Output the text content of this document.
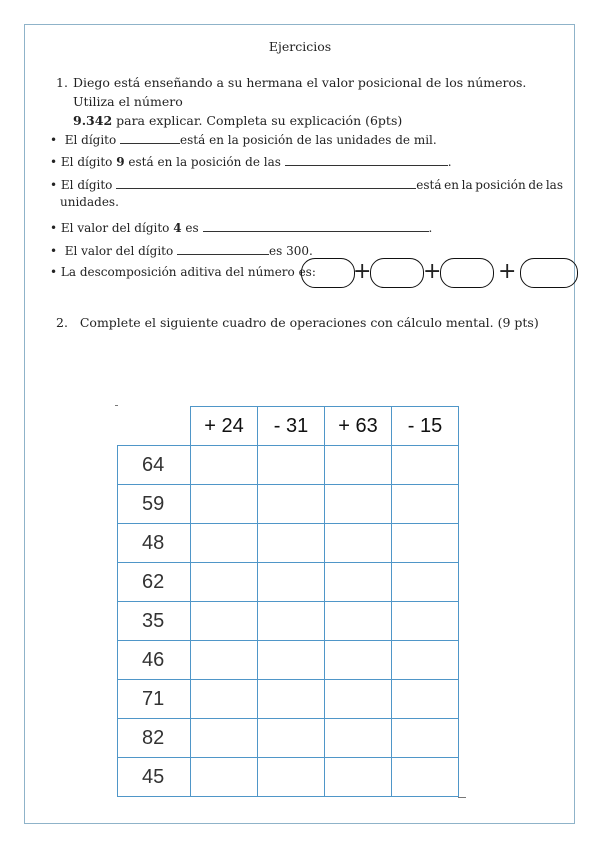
Ejercicios
1. Diego está enseñando a su hermana el valor posicional de los números. Utiliza el número
9.342 para explicar. Completa su explicación (6pts)
• El dígito	está en la posición de las unidades de mil.
• El dígito 9 está en la posición de las	.
• El dígito	está en la posición de las
unidades.
• El valor del dígito 4 es	.
• El valor del dígito	es 300.
• La descomposición aditiva del número es: + +	+
2. Complete el siguiente cuadro de operaciones con cálculo mental. (9 pts)
	+ 24	- 31	+ 63	- 15
64				
59				
48				
62				
35				
46				
71				
82				
45				
